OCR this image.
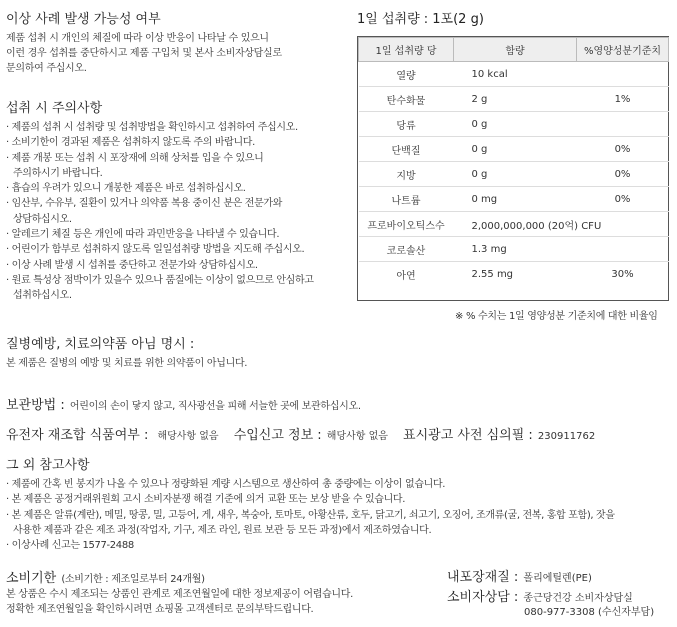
이상 사례 발생 가능성 여부
제품 섭취 시 개인의 체질에 따라 이상 반응이 나타날 수 있으니
이런 경우 섭취를 중단하시고 제품 구입처 및 본사 소비자상담실로
문의하여 주십시오.
섭취 시 주의사항
· 제품의 섭취 시 섭취량 및 섭취방법을 확인하시고 섭취하여 주십시오.
· 소비기한이 경과된 제품은 섭취하지 않도록 주의 바랍니다.
· 제품 개봉 또는 섭취 시 포장재에 의해 상처를 입을 수 있으니
주의하시기 바랍니다.
· 흡습의 우려가 있으니 개봉한 제품은 바로 섭취하십시오.
· 임산부, 수유부, 질환이 있거나 의약품 복용 중이신 분은 전문가와
상담하십시오.
· 알레르기 체질 등은 개인에 따라 과민반응을 나타낼 수 있습니다.
· 어린이가 함부로 섭취하지 않도록 일일섭취량 방법을 지도해 주십시오.
· 이상 사례 발생 시 섭취를 중단하고 전문가와 상담하십시오.
· 원료 특성상 점박이가 있을수 있으나 품질에는 이상이 없으므로 안심하고
섭취하십시오.
1일 섭취량 : 1포(2 g)
1일 섭취량 당	함량	%영양성분기준치
열량	10 kcal	
탄수화물	2 g	1%
당류	0 g	
단백질	0 g	0%
지방	0 g	0%
나트륨	0 mg	0%
프로바이오틱스수	2,000,000,000 (20억) CFU	
코로솔산	1.3 mg	
아연	2.55 mg	30%
※ % 수치는 1일 영양성분 기준치에 대한 비율임
질병예방, 치료의약품 아님 명시 :
본 제품은 질병의 예방 및 치료를 위한 의약품이 아닙니다.
보관방법 : 어린이의 손이 닿지 않고, 직사광선을 피해 서늘한 곳에 보관하십시오.
유전자 재조합 식품여부 : 해당사항 없음 수입신고 정보 : 해당사항 없음 표시광고 사전 심의필 : 230911762
그 외 참고사항
· 제품에 간혹 빈 봉지가 나올 수 있으나 정량화된 계량 시스템으로 생산하여 총 중량에는 이상이 없습니다.
· 본 제품은 공정거래위원회 고시 소비자분쟁 해결 기준에 의거 교환 또는 보상 받을 수 있습니다.
· 본 제품은 알류(계란), 메밀, 땅콩, 밀, 고등어, 게, 새우, 복숭아, 토마토, 아황산류, 호두, 닭고기, 쇠고기, 오징어, 조개류(굴, 전복, 홍합 포함), 잣을
사용한 제품과 같은 제조 과정(작업자, 기구, 제조 라인, 원료 보관 등 모든 과정)에서 제조하였습니다.
· 이상사례 신고는 1577-2488
소비기한 (소비기한 : 제조일로부터 24개월)
본 상품은 수시 제조되는 상품인 관계로 제조연월일에 대한 정보제공이 어렵습니다.
정확한 제조연월일을 확인하시려면 쇼핑몰 고객센터로 문의부탁드립니다.
내포장재질 : 폴리에틸렌(PE)
소비자상담 : 종근당건강 소비자상담실
080-977-3308 (수신자부담)
